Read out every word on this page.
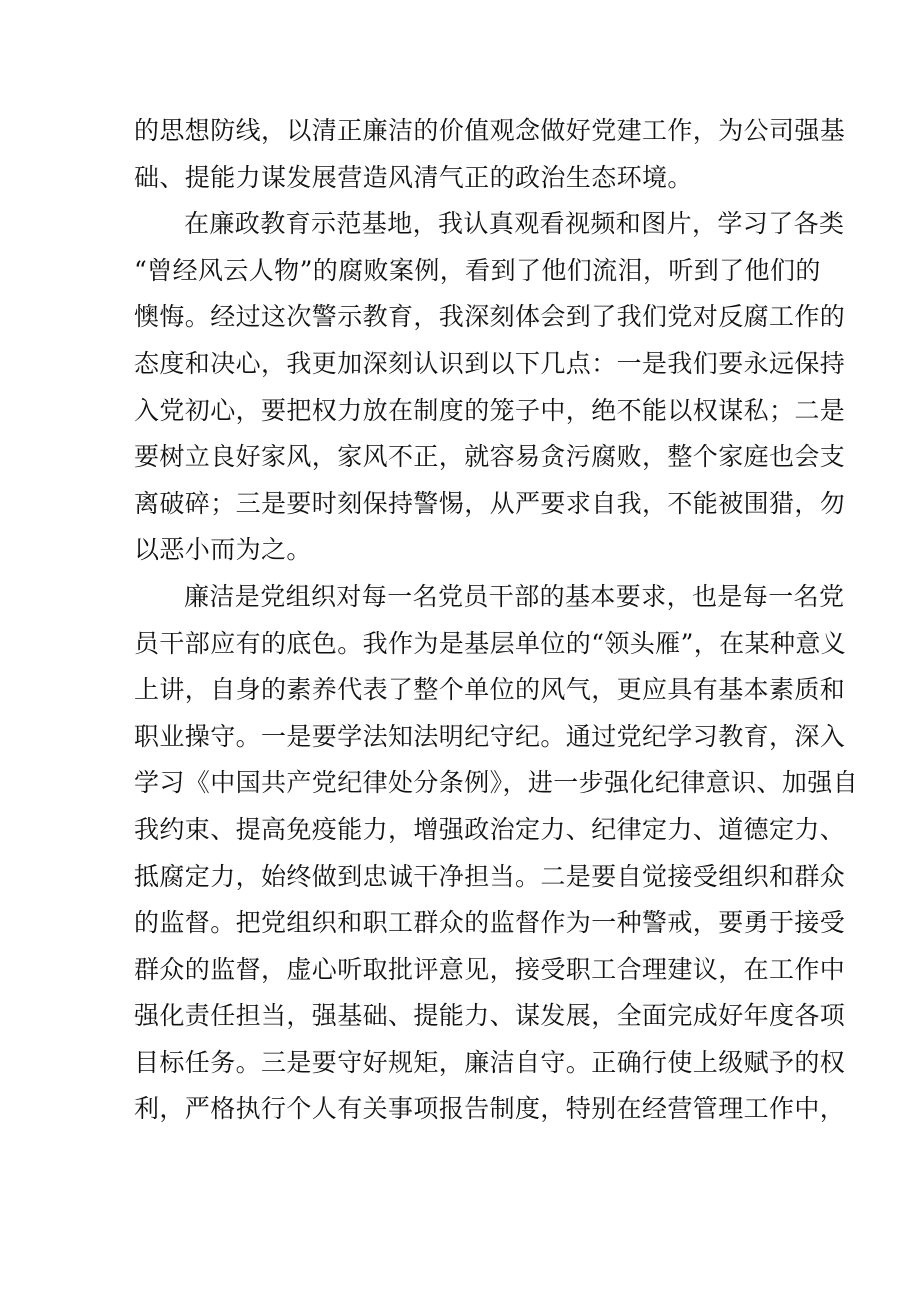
的思想防线，以清正廉洁的价值观念做好党建工作，为公司强基
础、提能力谋发展营造风清气正的政治生态环境。
在廉政教育示范基地，我认真观看视频和图片，学习了各类
“曾经风云人物”的腐败案例，看到了他们流泪，听到了他们的
懊悔。经过这次警示教育，我深刻体会到了我们党对反腐工作的
态度和决心，我更加深刻认识到以下几点：一是我们要永远保持
入党初心，要把权力放在制度的笼子中，绝不能以权谋私；二是
要树立良好家风，家风不正，就容易贪污腐败，整个家庭也会支
离破碎；三是要时刻保持警惕，从严要求自我，不能被围猎，勿
以恶小而为之。
廉洁是党组织对每一名党员干部的基本要求，也是每一名党
员干部应有的底色。我作为是基层单位的“领头雁”，在某种意义
上讲，自身的素养代表了整个单位的风气，更应具有基本素质和
职业操守。一是要学法知法明纪守纪。通过党纪学习教育，深入
学习《中国共产党纪律处分条例》，进一步强化纪律意识、加强自
我约束、提高免疫能力，增强政治定力、纪律定力、道德定力、
抵腐定力，始终做到忠诚干净担当。二是要自觉接受组织和群众
的监督。把党组织和职工群众的监督作为一种警戒，要勇于接受
群众的监督，虚心听取批评意见，接受职工合理建议，在工作中
强化责任担当，强基础、提能力、谋发展，全面完成好年度各项
目标任务。三是要守好规矩，廉洁自守。正确行使上级赋予的权
利，严格执行个人有关事项报告制度，特别在经营管理工作中，
